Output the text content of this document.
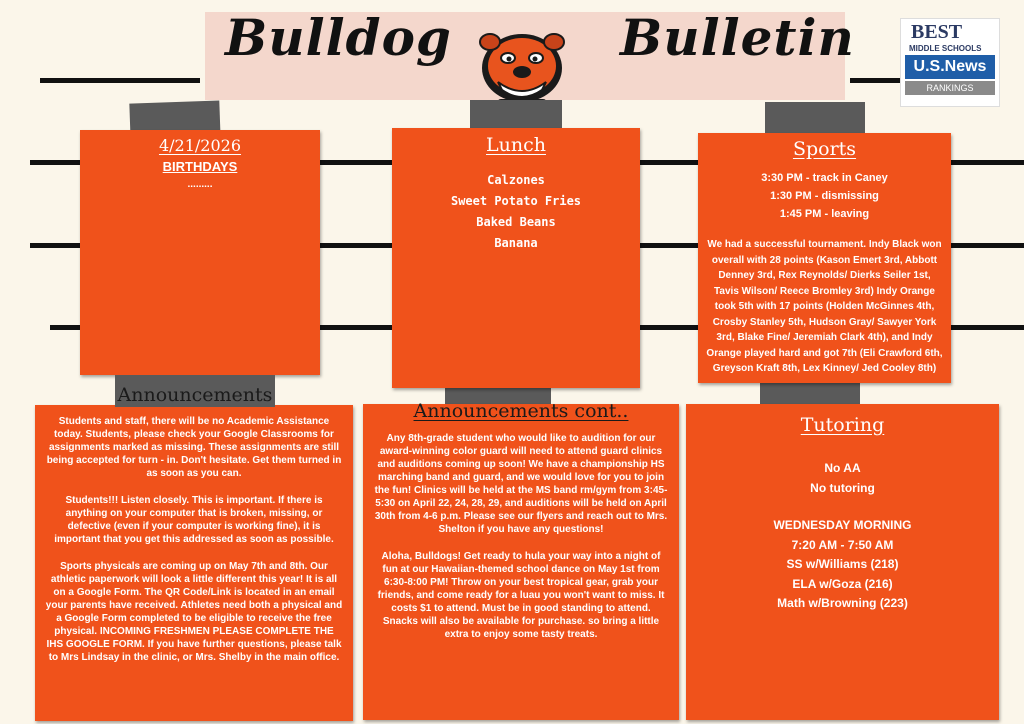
Bulldog	Bulletin	BEST
MIDDLE SCHOOLS
U.S.News
RANKINGS
4/21/2026
BIRTHDAYS
.........
Lunch
Calzones
Sweet Potato Fries
Baked Beans
Banana
Sports
3:30 PM - track in Caney
1:30 PM - dismissing
1:45 PM - leaving
We had a successful tournament. Indy Black won overall with 28 points (Kason Emert 3rd, Abbott Denney 3rd, Rex Reynolds/ Dierks Seiler 1st, Tavis Wilson/ Reece Bromley 3rd) Indy Orange took 5th with 17 points (Holden McGinnes 4th, Crosby Stanley 5th, Hudson Gray/ Sawyer York 3rd, Blake Fine/ Jeremiah Clark 4th), and Indy Orange played hard and got 7th (Eli Crawford 6th, Greyson Kraft 8th, Lex Kinney/ Jed Cooley 8th)

Students and staff, there will be no Academic Assistance today. Students, please check your Google Classrooms for assignments marked as missing. These assignments are still being accepted for turn - in. Don't hesitate. Get them turned in as soon as you can.

Students!!! Listen closely. This is important. If there is anything on your computer that is broken, missing, or defective (even if your computer is working fine), it is important that you get this addressed as soon as possible.

Sports physicals are coming up on May 7th and 8th. Our athletic paperwork will look a little different this year! It is all on a Google Form. The QR Code/Link is located in an email your parents have received. Athletes need both a physical and a Google Form completed to be eligible to receive the free physical. INCOMING FRESHMEN PLEASE COMPLETE THE IHS GOOGLE FORM. If you have further questions, please talk to Mrs Lindsay in the clinic, or Mrs. Shelby in the main office.

Announcements

Any 8th-grade student who would like to audition for our award-winning color guard will need to attend guard clinics and auditions coming up soon! We have a championship HS marching band and guard, and we would love for you to join the fun! Clinics will be held at the MS band rm/gym from 3:45-5:30 on April 22, 24, 28, 29, and auditions will be held on April 30th from 4-6 p.m. Please see our flyers and reach out to Mrs. Shelton if you have any questions!

Aloha, Bulldogs! Get ready to hula your way into a night of fun at our Hawaiian-themed school dance on May 1st from 6:30-8:00 PM! Throw on your best tropical gear, grab your friends, and come ready for a luau you won't want to miss. It costs $1 to attend. Must be in good standing to attend. Snacks will also be available for purchase. so bring a little extra to enjoy some tasty treats.

Announcements cont..
Tutoring
No AA
No tutoring
WEDNESDAY MORNING
7:20 AM - 7:50 AM
SS w/Williams (218)
ELA w/Goza (216)
Math w/Browning (223)
